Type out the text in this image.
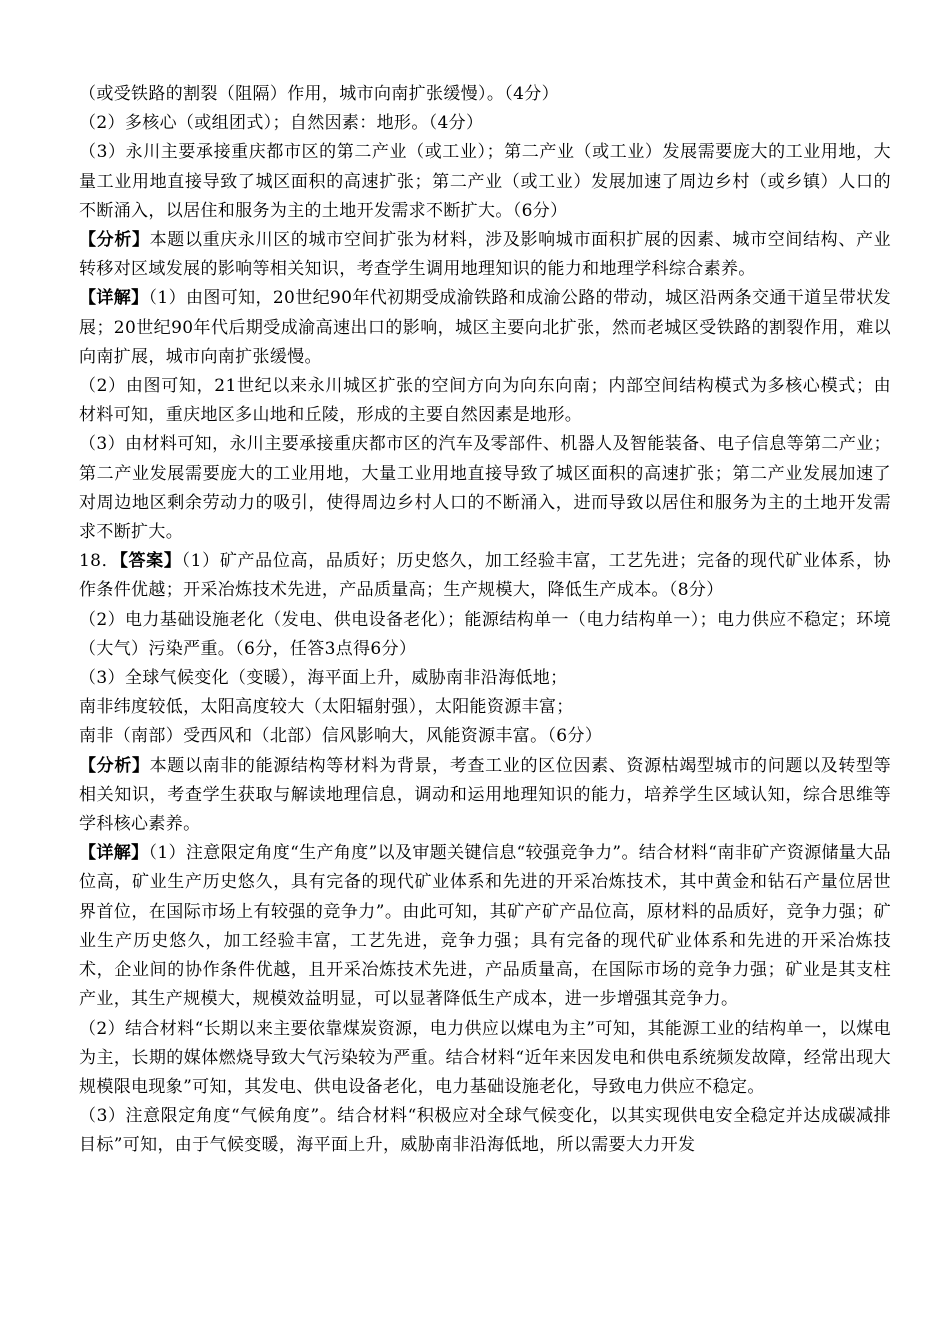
（或受铁路的割裂（阻隔）作用，城市向南扩张缓慢）。（4分）

（2）多核心（或组团式）；自然因素：地形。（4分）

（3）永川主要承接重庆都市区的第二产业（或工业）；第二产业（或工业）发展需要庞大的工业用地，大量工业用地直接导致了城区面积的高速扩张；第二产业（或工业）发展加速了周边乡村（或乡镇）人口的不断涌入，以居住和服务为主的土地开发需求不断扩大。（6分）

【分析】本题以重庆永川区的城市空间扩张为材料，涉及影响城市面积扩展的因素、城市空间结构、产业转移对区域发展的影响等相关知识，考查学生调用地理知识的能力和地理学科综合素养。

【详解】（1）由图可知，20世纪90年代初期受成渝铁路和成渝公路的带动，城区沿两条交通干道呈带状发展；20世纪90年代后期受成渝高速出口的影响，城区主要向北扩张，然而老城区受铁路的割裂作用，难以向南扩展，城市向南扩张缓慢。

（2）由图可知，21世纪以来永川城区扩张的空间方向为向东向南；内部空间结构模式为多核心模式；由材料可知，重庆地区多山地和丘陵，形成的主要自然因素是地形。

（3）由材料可知，永川主要承接重庆都市区的汽车及零部件、机器人及智能装备、电子信息等第二产业；第二产业发展需要庞大的工业用地，大量工业用地直接导致了城区面积的高速扩张；第二产业发展加速了对周边地区剩余劳动力的吸引，使得周边乡村人口的不断涌入，进而导致以居住和服务为主的土地开发需求不断扩大。

18．【答案】（1）矿产品位高，品质好；历史悠久，加工经验丰富，工艺先进；完备的现代矿业体系，协作条件优越；开采冶炼技术先进，产品质量高；生产规模大，降低生产成本。（8分）

（2）电力基础设施老化（发电、供电设备老化）；能源结构单一（电力结构单一）；电力供应不稳定；环境（大气）污染严重。（6分，任答3点得6分）

（3）全球气候变化（变暖），海平面上升，威胁南非沿海低地；

南非纬度较低，太阳高度较大（太阳辐射强），太阳能资源丰富；

南非（南部）受西风和（北部）信风影响大，风能资源丰富。（6分）

【分析】本题以南非的能源结构等材料为背景，考查工业的区位因素、资源枯竭型城市的问题以及转型等相关知识，考查学生获取与解读地理信息，调动和运用地理知识的能力，培养学生区域认知，综合思维等学科核心素养。

【详解】（1）注意限定角度“生产角度”以及审题关键信息“较强竞争力”。结合材料“南非矿产资源储量大品位高，矿业生产历史悠久，具有完备的现代矿业体系和先进的开采冶炼技术，其中黄金和钻石产量位居世界首位，在国际市场上有较强的竞争力”。由此可知，其矿产矿产品位高，原材料的品质好，竞争力强；矿业生产历史悠久，加工经验丰富，工艺先进，竞争力强；具有完备的现代矿业体系和先进的开采冶炼技术，企业间的协作条件优越，且开采冶炼技术先进，产品质量高，在国际市场的竞争力强；矿业是其支柱产业，其生产规模大，规模效益明显，可以显著降低生产成本，进一步增强其竞争力。

（2）结合材料“长期以来主要依靠煤炭资源，电力供应以煤电为主”可知，其能源工业的结构单一，以煤电为主，长期的媒体燃烧导致大气污染较为严重。结合材料“近年来因发电和供电系统频发故障，经常出现大规模限电现象”可知，其发电、供电设备老化，电力基础设施老化，导致电力供应不稳定。

（3）注意限定角度“气候角度”。结合材料“积极应对全球气候变化，以其实现供电安全稳定并达成碳减排目标”可知，由于气候变暖，海平面上升，威胁南非沿海低地，所以需要大力开发
